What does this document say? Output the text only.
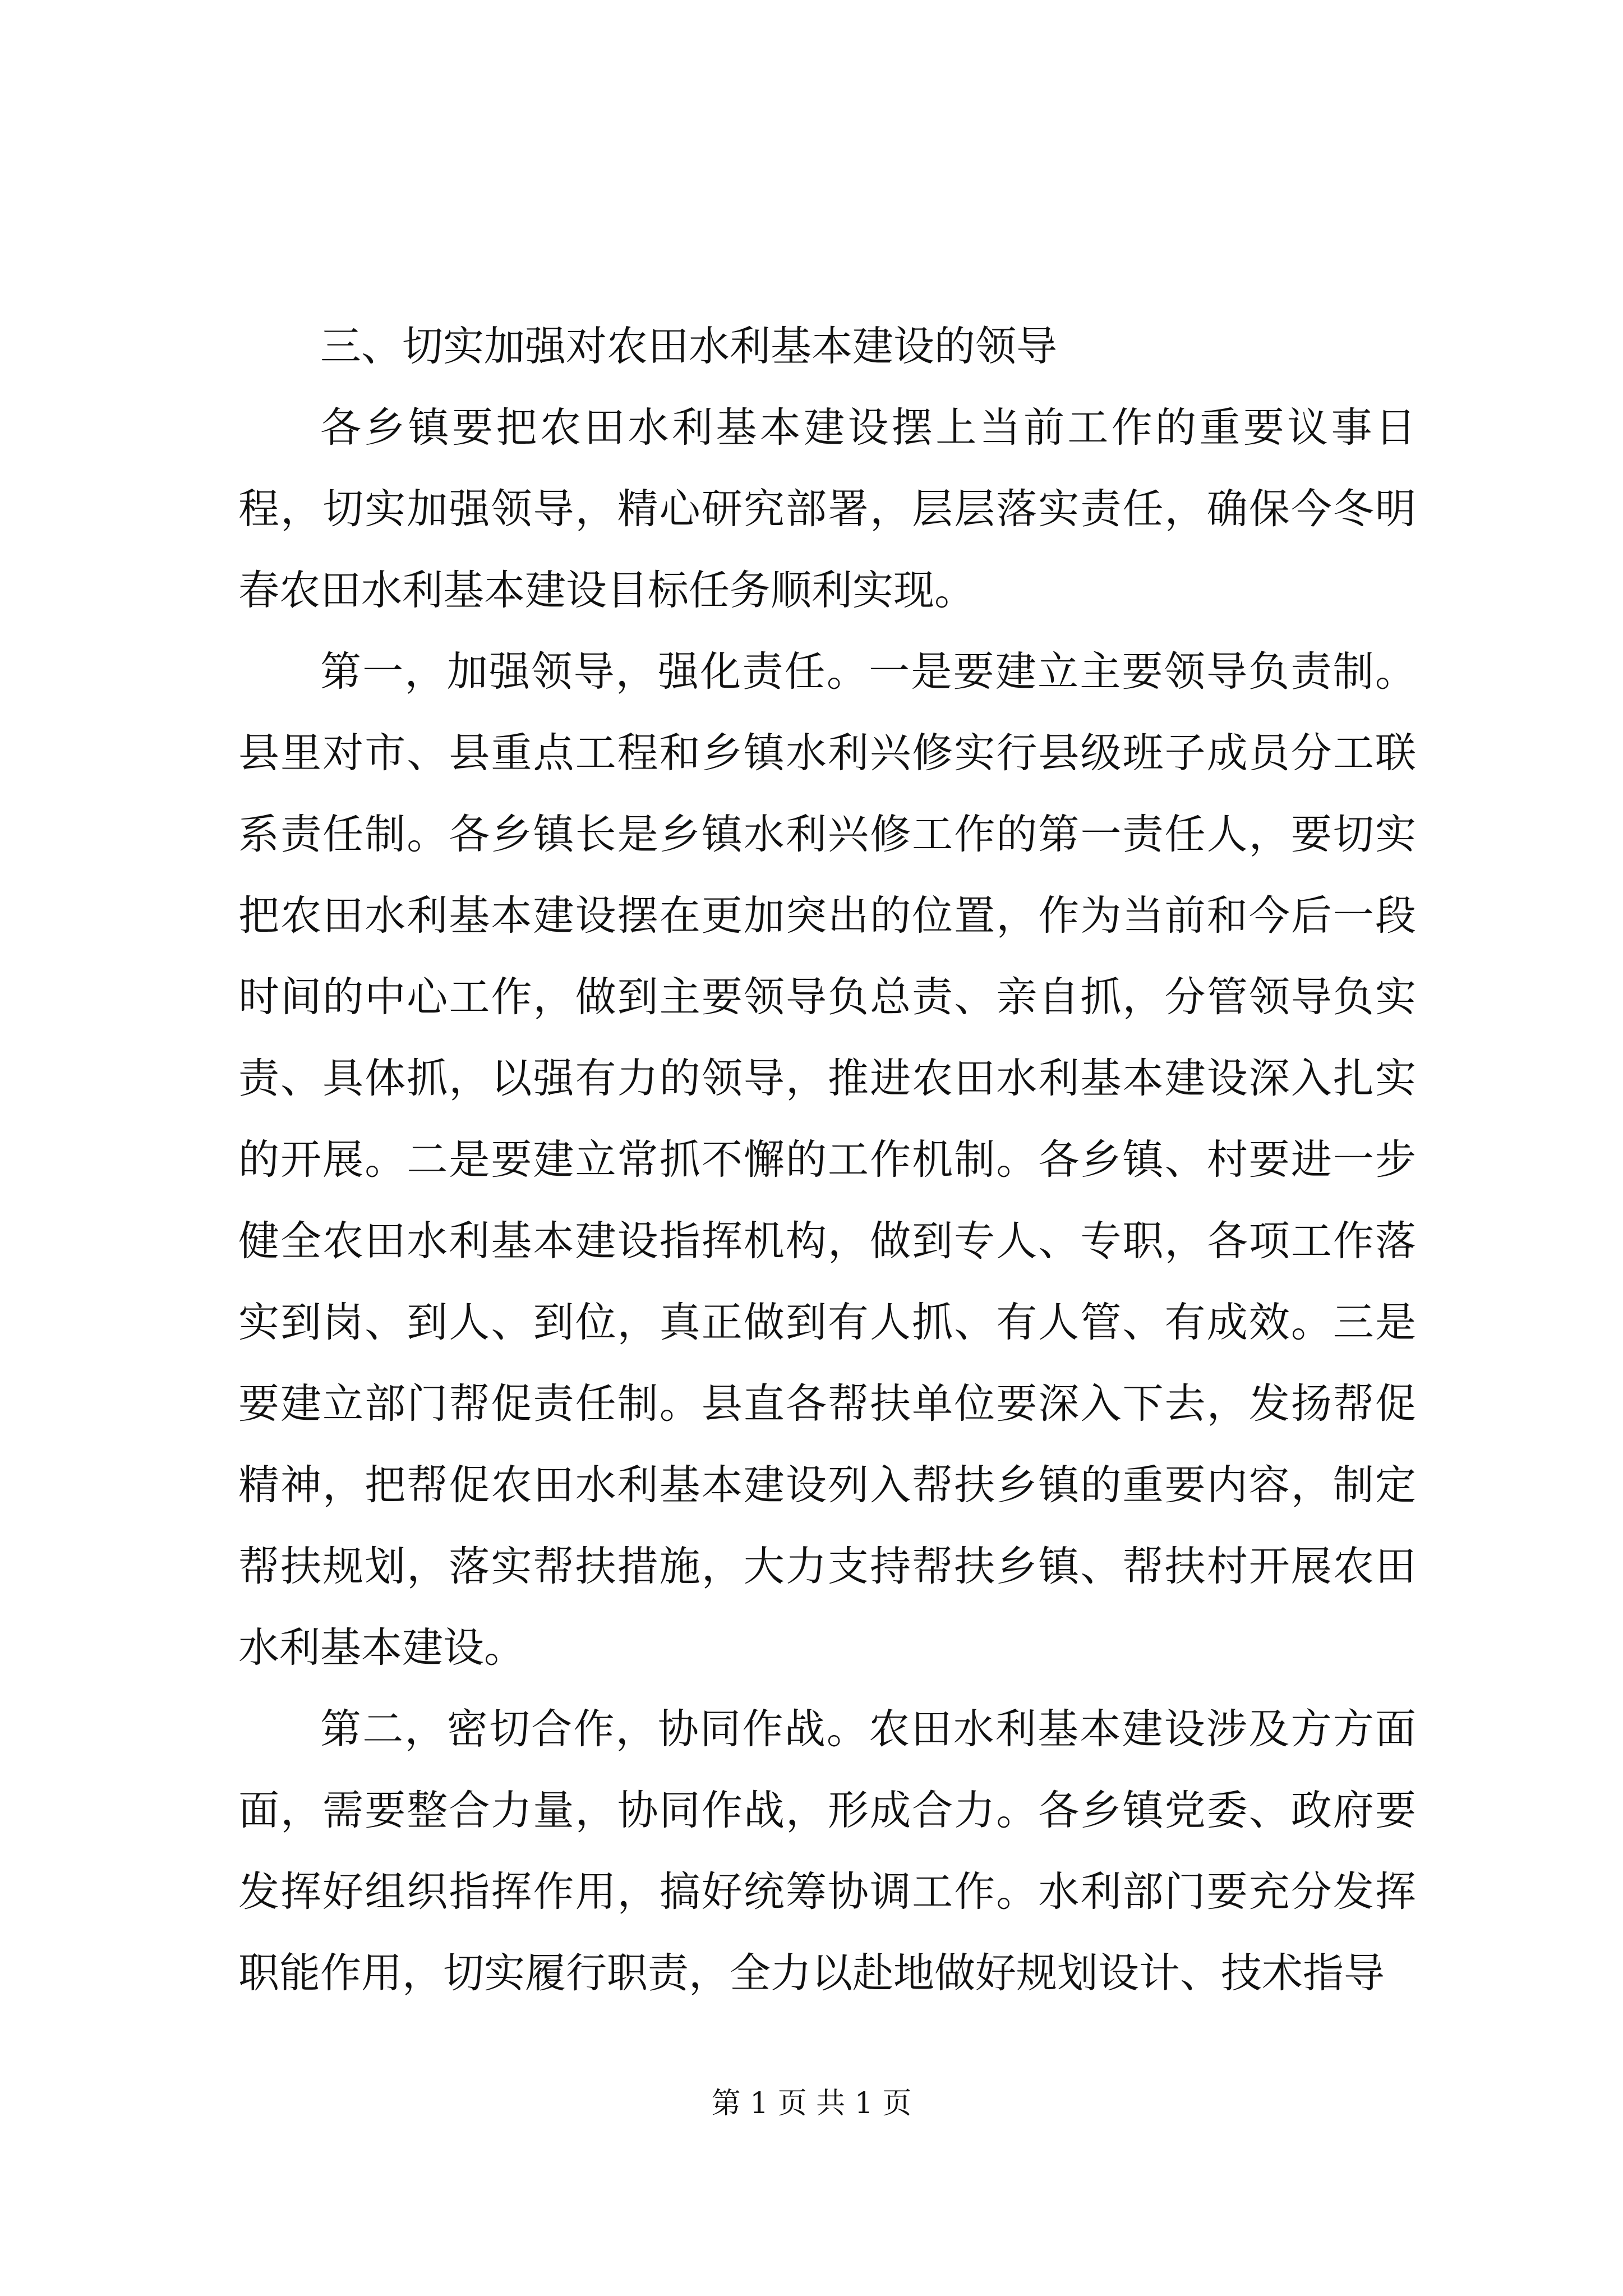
三、切实加强对农田水利基本建设的领导

各乡镇要把农田水利基本建设摆上当前工作的重要议事日程，切实加强领导，精心研究部署，层层落实责任，确保今冬明春农田水利基本建设目标任务顺利实现。

第一，加强领导，强化责任。一是要建立主要领导负责制。县里对市、县重点工程和乡镇水利兴修实行县级班子成员分工联系责任制。各乡镇长是乡镇水利兴修工作的第一责任人，要切实把农田水利基本建设摆在更加突出的位置，作为当前和今后一段时间的中心工作，做到主要领导负总责、亲自抓，分管领导负实责、具体抓，以强有力的领导，推进农田水利基本建设深入扎实的开展。二是要建立常抓不懈的工作机制。各乡镇、村要进一步健全农田水利基本建设指挥机构，做到专人、专职，各项工作落实到岗、到人、到位，真正做到有人抓、有人管、有成效。三是要建立部门帮促责任制。县直各帮扶单位要深入下去，发扬帮促精神，把帮促农田水利基本建设列入帮扶乡镇的重要内容，制定帮扶规划，落实帮扶措施，大力支持帮扶乡镇、帮扶村开展农田水利基本建设。

第二，密切合作，协同作战。农田水利基本建设涉及方方面面，需要整合力量，协同作战，形成合力。各乡镇党委、政府要发挥好组织指挥作用，搞好统筹协调工作。水利部门要充分发挥职能作用，切实履行职责，全力以赴地做好规划设计、技术指导

第 1 页 共 1 页
